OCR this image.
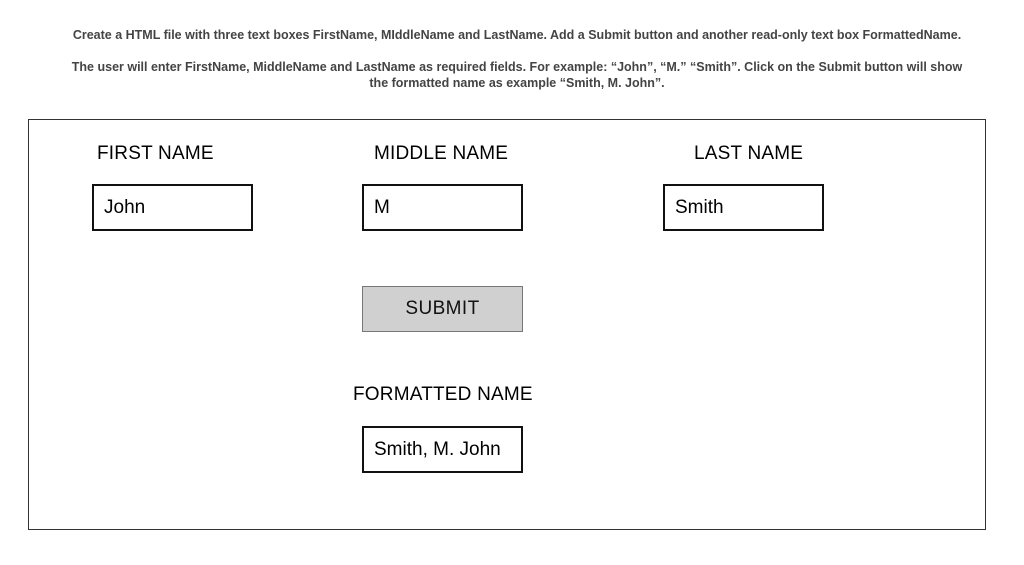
Create a HTML file with three text boxes FirstName, MIddleName and LastName. Add a Submit button and another read-only text box FormattedName.
The user will enter FirstName, MiddleName and LastName as required fields. For example: “John”, “M.” “Smith”. Click on the Submit button will show
the formatted name as example “Smith, M. John”.
FIRST NAME
John	MIDDLE NAME
M	LAST NAME
Smith
SUBMIT
FORMATTED NAME
Smith, M. John
